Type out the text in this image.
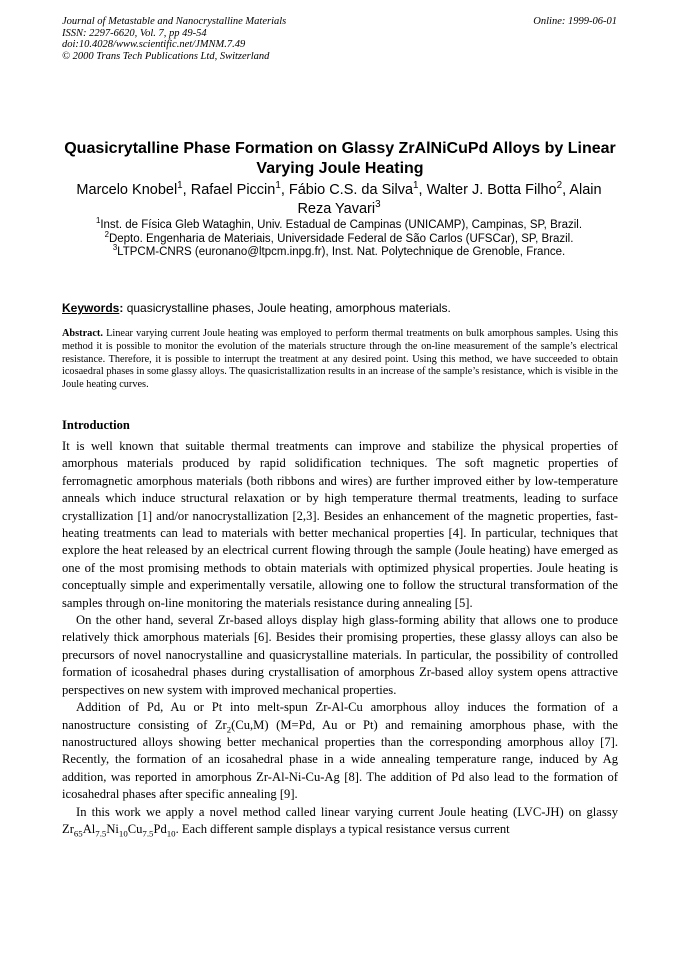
Journal of Metastable and Nanocrystalline Materials
ISSN: 2297-6620, Vol. 7, pp 49-54
doi:10.4028/www.scientific.net/JMNM.7.49
© 2000 Trans Tech Publications Ltd, Switzerland
Online: 1999-06-01
Quasicrytalline Phase Formation on Glassy ZrAlNiCuPd Alloys by Linear Varying Joule Heating
Marcelo Knobel$^1$, Rafael Piccin$^1$, Fábio C.S. da Silva$^1$, Walter J. Botta Filho$^2$, Alain Reza Yavari$^3$
$^1$Inst. de Física Gleb Wataghin, Univ. Estadual de Campinas (UNICAMP), Campinas, SP, Brazil.
$^2$Depto. Engenharia de Materiais, Universidade Federal de São Carlos (UFSCar), SP, Brazil.
$^3$LTPCM-CNRS (euronano@ltpcm.inpg.fr), Inst. Nat. Polytechnique de Grenoble, France.
Keywords: quasicrystalline phases, Joule heating, amorphous materials.
Abstract. Linear varying current Joule heating was employed to perform thermal treatments on bulk amorphous samples. Using this method it is possible to monitor the evolution of the materials structure through the on-line measurement of the sample’s electrical resistance. Therefore, it is possible to interrupt the treatment at any desired point. Using this method, we have succeeded to obtain icosaedral phases in some glassy alloys. The quasicristallization results in an increase of the sample’s resistance, which is visible in the Joule heating curves.
Introduction

It is well known that suitable thermal treatments can improve and stabilize the physical properties of amorphous materials produced by rapid solidification techniques. The soft magnetic properties of ferromagnetic amorphous materials (both ribbons and wires) are further improved either by low-temperature anneals which induce structural relaxation or by high temperature thermal treatments, leading to surface crystallization [1] and/or nanocrystallization [2,3]. Besides an enhancement of the magnetic properties, fast-heating treatments can lead to materials with better mechanical properties [4]. In particular, techniques that explore the heat released by an electrical current flowing through the sample (Joule heating) have emerged as one of the most promising methods to obtain materials with optimized physical properties. Joule heating is conceptually simple and experimentally versatile, allowing one to follow the structural transformation of the samples through on-line monitoring the materials resistance during annealing [5].

On the other hand, several Zr-based alloys display high glass-forming ability that allows one to produce relatively thick amorphous materials [6]. Besides their promising properties, these glassy alloys can also be precursors of novel nanocrystalline and quasicrystalline materials. In particular, the possibility of controlled formation of icosahedral phases during crystallisation of amorphous Zr-based alloy system opens attractive perspectives on new system with improved mechanical properties.

Addition of Pd, Au or Pt into melt-spun Zr-Al-Cu amorphous alloy induces the formation of a nanostructure consisting of $Zr_2(Cu,M)$ (M=Pd, Au or Pt) and remaining amorphous phase, with the nanostructured alloys showing better mechanical properties than the corresponding amorphous alloy [7]. Recently, the formation of an icosahedral phase in a wide annealing temperature range, induced by Ag addition, was reported in amorphous Zr-Al-Ni-Cu-Ag [8]. The addition of Pd also lead to the formation of icosahedral phases after specific annealing [9].

In this work we apply a novel method called linear varying current Joule heating (LVC-JH) on glassy $Zr_{65}Al_{7.5}Ni_{10}Cu_{7.5}Pd_{10}$. Each different sample displays a typical resistance versus current
